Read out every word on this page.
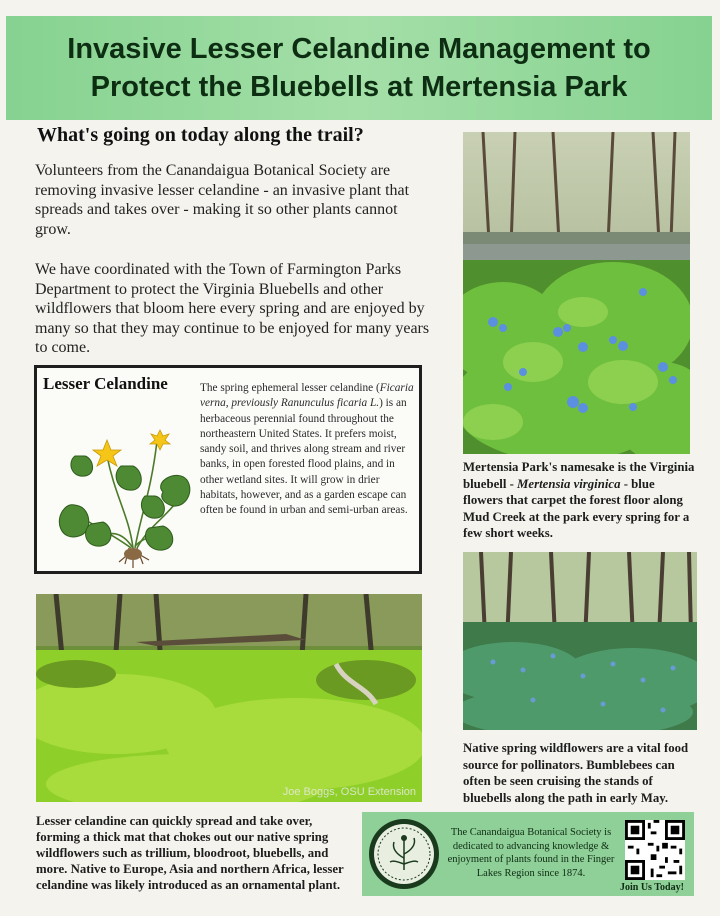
Invasive Lesser Celandine Management to
Protect the Bluebells at Mertensia Park
What's going on today along the trail?

Volunteers from the Canandaigua Botanical Society are removing invasive lesser celandine - an invasive plant that spreads and takes over - making it so other plants cannot grow.

We have coordinated with the Town of Farmington Parks Department to protect the Virginia Bluebells and other wildflowers that bloom here every spring and are enjoyed by many so that they may continue to be enjoyed for many years to come.

Lesser Celandine	The spring ephemeral lesser celandine (Ficaria verna, previously Ranunculus ficaria L.) is an herbaceous perennial found throughout the northeastern United States. It prefers moist, sandy soil, and thrives along stream and river banks, in open forested flood plains, and in other wetland sites. It will grow in drier habitats, however, and as a garden escape can often be found in urban and semi-urban areas.
Mertensia Park's namesake is the Virginia bluebell - Mertensia virginica - blue flowers that carpet the forest floor along Mud Creek at the park every spring for a few short weeks.
Native spring wildflowers are a vital food source for pollinators. Bumblebees can often be seen cruising the stands of bluebells along the path in early May.
Joe Boggs, OSU Extension
Lesser celandine can quickly spread and take over, forming a thick mat that chokes out our native spring wildflowers such as trillium, bloodroot, bluebells, and more. Native to Europe, Asia and northern Africa, lesser celandine was likely introduced as an ornamental plant.
The Canandaigua Botanical Society is dedicated to advancing knowledge & enjoyment of plants found in the Finger Lakes Region since 1874.
Join Us Today!
